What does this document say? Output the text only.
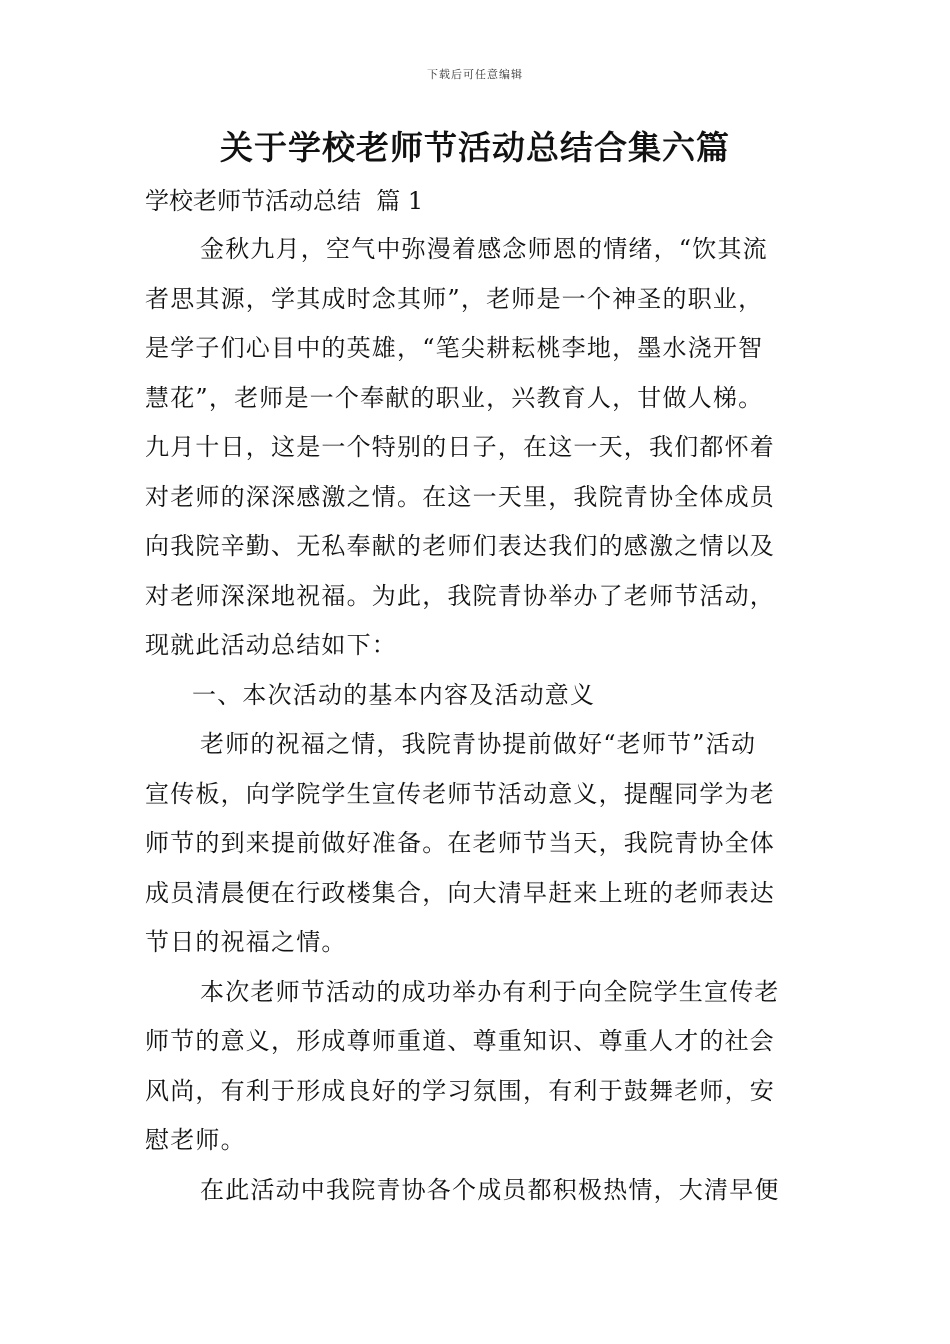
下载后可任意编辑
关于学校老师节活动总结合集六篇
学校老师节活动总结  篇 1
金秋九月，空气中弥漫着感念师恩的情绪，“饮其流
者思其源，学其成时念其师”，老师是一个神圣的职业，
是学子们心目中的英雄，“笔尖耕耘桃李地，墨水浇开智
慧花”，老师是一个奉献的职业，兴教育人，甘做人梯。
九月十日，这是一个特别的日子，在这一天，我们都怀着
对老师的深深感激之情。在这一天里，我院青协全体成员
向我院辛勤、无私奉献的老师们表达我们的感激之情以及
对老师深深地祝福。为此，我院青协举办了老师节活动，
现就此活动总结如下：
一、本次活动的基本内容及活动意义
老师的祝福之情，我院青协提前做好“老师节”活动
宣传板，向学院学生宣传老师节活动意义，提醒同学为老
师节的到来提前做好准备。在老师节当天，我院青协全体
成员清晨便在行政楼集合，向大清早赶来上班的老师表达
节日的祝福之情。
本次老师节活动的成功举办有利于向全院学生宣传老
师节的意义，形成尊师重道、尊重知识、尊重人才的社会
风尚，有利于形成良好的学习氛围，有利于鼓舞老师，安
慰老师。
在此活动中我院青协各个成员都积极热情，大清早便
